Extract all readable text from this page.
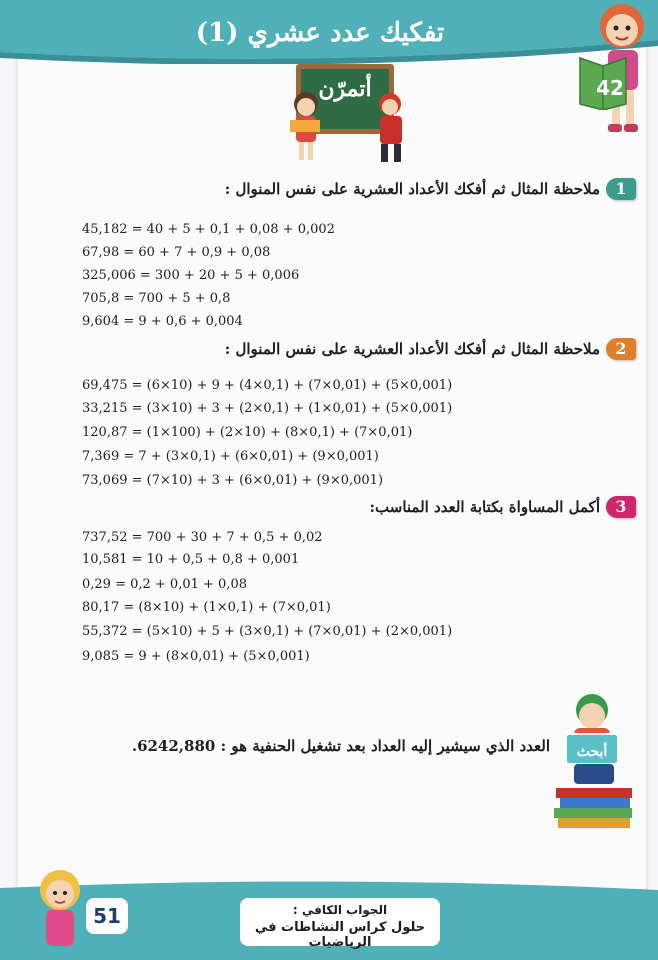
تفكيك عدد عشري (1)
42
أتمرّن
1
ملاحظة المثال ثم أفكك الأعداد العشرية على نفس المنوال :
45,182 = 40 + 5 + 0,1 + 0,08 + 0,002
67,98 = 60 + 7 + 0,9 + 0,08
325,006 = 300 + 20 + 5 + 0,006
705,8 = 700 + 5 + 0,8
9,604 = 9 + 0,6 + 0,004
2
ملاحظة المثال ثم أفكك الأعداد العشرية على نفس المنوال :
69,475 = (6×10) + 9 + (4×0,1) + (7×0,01) + (5×0,001)
33,215 = (3×10) + 3 + (2×0,1) + (1×0,01) + (5×0,001)
120,87 = (1×100) + (2×10) + (8×0,1) + (7×0,01)
7,369 = 7 + (3×0,1) + (6×0,01) + (9×0,001)
73,069 = (7×10) + 3 + (6×0,01) + (9×0,001)
3
أكمل المساواة بكتابة العدد المناسب:
737,52 = 700 + 30 + 7 + 0,5 + 0,02
10,581 = 10 + 0,5 + 0,8 + 0,001
0,29 = 0,2 + 0,01 + 0,08
80,17 = (8×10) + (1×0,1) + (7×0,01)
55,372 = (5×10) + 5 + (3×0,1) + (7×0,01) + (2×0,001)
9,085 = 9 + (8×0,01) + (5×0,001)
العدد الذي سيشير إليه العداد بعد تشغيل الحنفية هو : 6242,880. أبحث
51	الجواب الكافي :
حلول كراس النشاطات في الرياضيات
